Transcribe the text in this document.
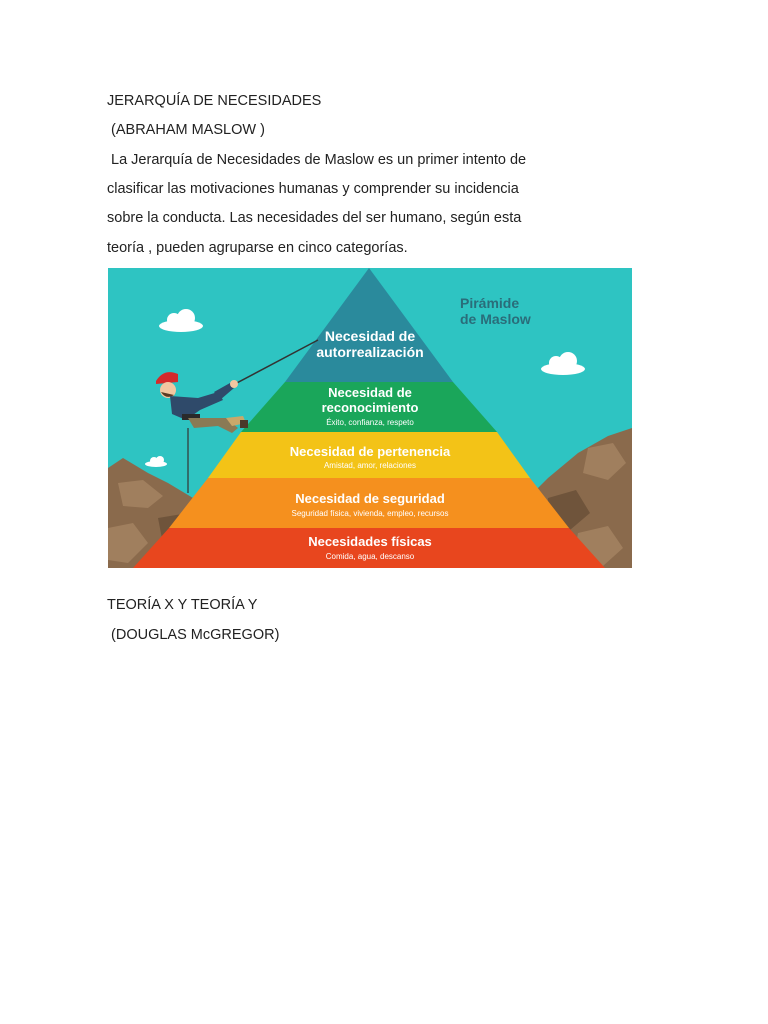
JERARQUÍA DE NECESIDADES

(ABRAHAM MASLOW )

La Jerarquía de Necesidades de Maslow es un primer intento de

clasificar las motivaciones humanas y comprender su incidencia

sobre la conducta. Las necesidades del ser humano, según esta

teoría , pueden agruparse en cinco categorías.

Pirámide
de Maslow
Necesidad de
autorrealización
Necesidad de
reconocimiento
Éxito, confianza, respeto
Necesidad de pertenencia
Amistad, amor, relaciones
Necesidad de seguridad
Seguridad física, vivienda, empleo, recursos
Necesidades físicas
Comida, agua, descanso

TEORÍA X Y TEORÍA Y

(DOUGLAS McGREGOR)
